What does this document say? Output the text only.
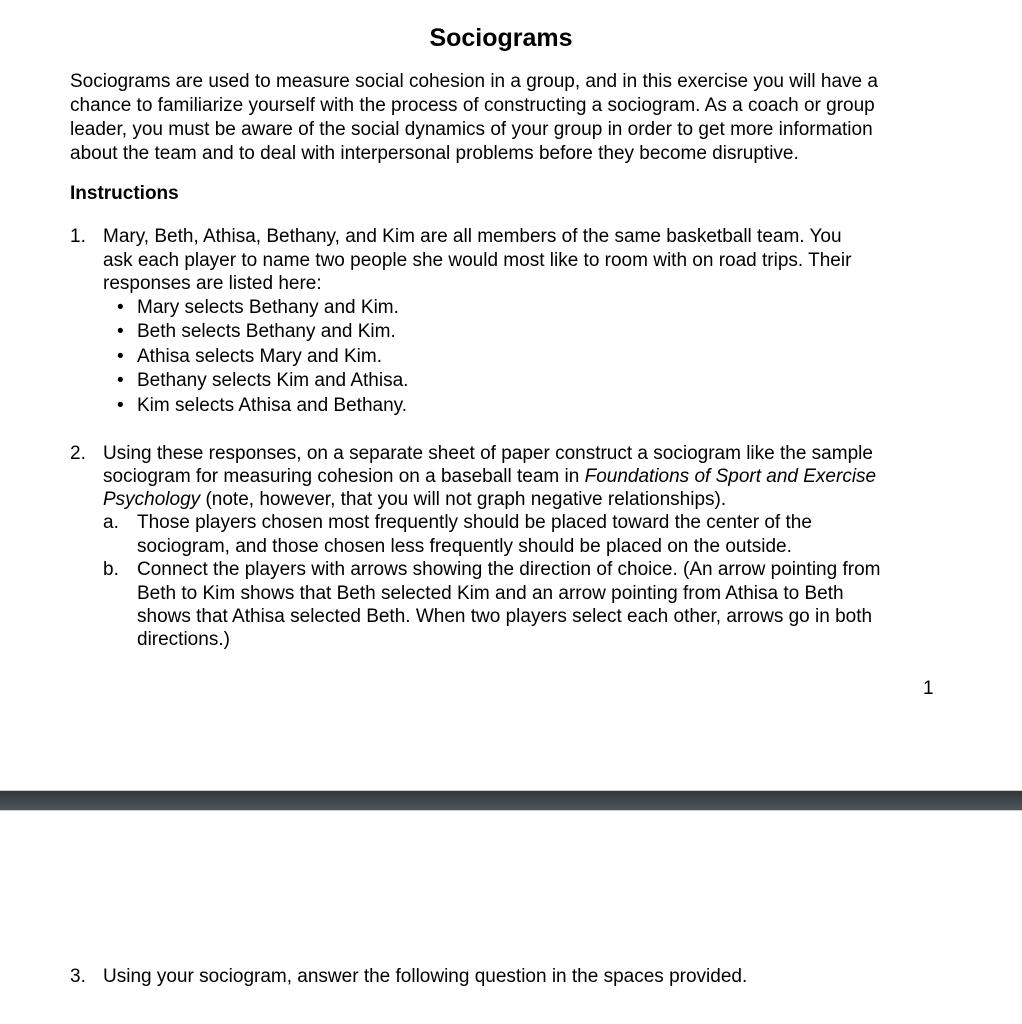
Sociograms
Sociograms are used to measure social cohesion in a group, and in this exercise you will have a
chance to familiarize yourself with the process of constructing a sociogram. As a coach or group
leader, you must be aware of the social dynamics of your group in order to get more information
about the team and to deal with interpersonal problems before they become disruptive.
Instructions
1. Mary, Beth, Athisa, Bethany, and Kim are all members of the same basketball team. You
ask each player to name two people she would most like to room with on road trips. Their
responses are listed here:
Mary selects Bethany and Kim.
Beth selects Bethany and Kim.
Athisa selects Mary and Kim.
Bethany selects Kim and Athisa.
Kim selects Athisa and Bethany.
2. Using these responses, on a separate sheet of paper construct a sociogram like the sample
sociogram for measuring cohesion on a baseball team in Foundations of Sport and Exercise
Psychology (note, however, that you will not graph negative relationships).
a. Those players chosen most frequently should be placed toward the center of the
sociogram, and those chosen less frequently should be placed on the outside.
b. Connect the players with arrows showing the direction of choice. (An arrow pointing from
Beth to Kim shows that Beth selected Kim and an arrow pointing from Athisa to Beth
shows that Athisa selected Beth. When two players select each other, arrows go in both
directions.)
1
3. Using your sociogram, answer the following question in the spaces provided.
